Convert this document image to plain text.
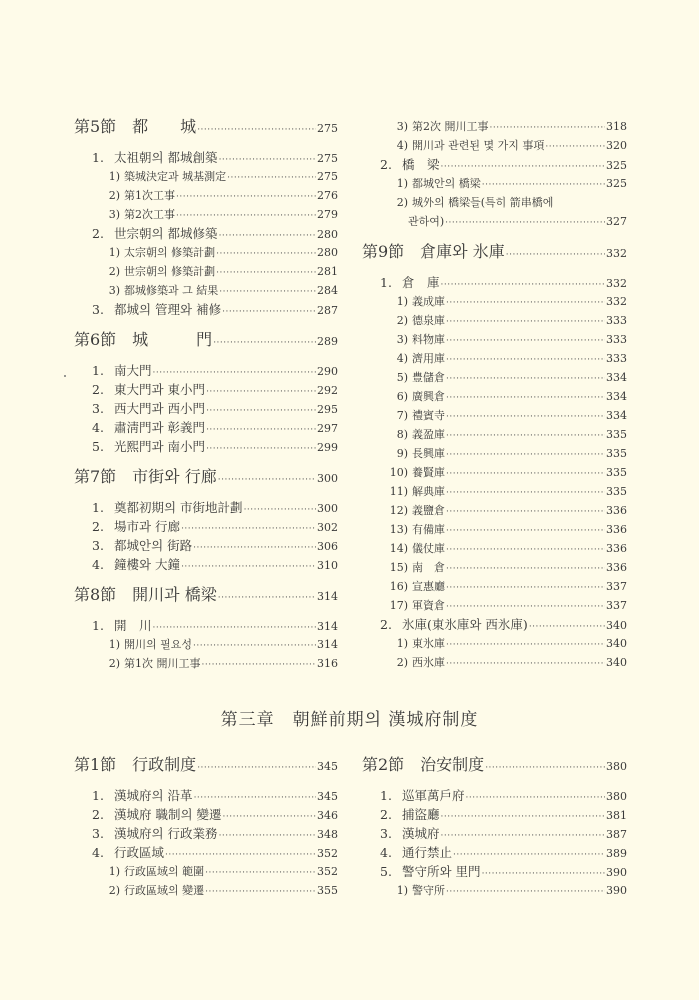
第5節　都　　城 ·····	275
1. 太祖朝의 都城創築 ·····	275
1) 築城決定과 城基測定 ·····	275
2) 第1次工事 ·····	276
3) 第2次工事 ·····	279
2. 世宗朝의 都城修築 ·····	280
1) 太宗朝의 修築計劃 ·····	280
2) 世宗朝의 修築計劃 ·····	281
3) 都城修築과 그 結果 ·····	284
3. 都城의 管理와 補修 ·····	287
第6節　城　　　門 ·····	289
1. 南大門 ·····	290
2. 東大門과 東小門 ·····	292
3. 西大門과 西小門 ·····	295
4. 肅淸門과 彰義門 ·····	297
5. 光熙門과 南小門 ·····	299
第7節　市街와 行廊 ·····	300
1. 奠都初期의 市街地計劃 ·····	300
2. 場市과 行廊 ·····	302
3. 都城안의 街路 ·····	306
4. 鐘樓와 大鐘 ·····	310
第8節　開川과 橋梁 ·····	314
1. 開　川 ·····	314
1) 開川의 필요성 ·····	314
2) 第1次 開川工事 ·····	316
3) 第2次 開川工事 ·····	318
4) 開川과 관련된 몇 가지 事項 ·····	320
2. 橋　梁 ·····	325
1) 都城안의 橋梁 ·····	325
2) 城外의 橋梁들(특히 箭串橋에
관하여) ·····	327
第9節　倉庫와 氷庫 ·····	332
1. 倉　庫 ·····	332
1) 義成庫 ·····	332
2) 德泉庫 ·····	333
3) 料物庫 ·····	333
4) 濟用庫 ·····	333
5) 豊儲倉 ·····	334
6) 廣興倉 ·····	334
7) 禮賓寺 ·····	334
8) 義盈庫 ·····	335
9) 長興庫 ·····	335
10) 養賢庫 ·····	335
11) 解典庫 ·····	335
12) 義鹽倉 ·····	336
13) 有備庫 ·····	336
14) 儀仗庫 ·····	336
15) 南　倉 ·····	336
16) 宣惠廳 ·····	337
17) 軍資倉 ·····	337
2. 氷庫(東氷庫와 西氷庫) ·····	340
1) 東氷庫 ·····	340
2) 西氷庫 ·····	340
第三章　朝鮮前期의 漢城府制度
第1節　行政制度 ·····	345
1. 漢城府의 沿革 ·····	345
2. 漢城府 職制의 變遷 ·····	346
3. 漢城府의 行政業務 ·····	348
4. 行政區域 ·····	352
1) 行政區域의 範圍 ·····	352
2) 行政區域의 變遷 ·····	355
第2節　治安制度 ·····	380
1. 巡軍萬戶府 ·····	380
2. 捕盜廳 ·····	381
3. 漢城府 ·····	387
4. 通行禁止 ·····	389
5. 警守所와 里門 ·····	390
1) 警守所 ·····	390
